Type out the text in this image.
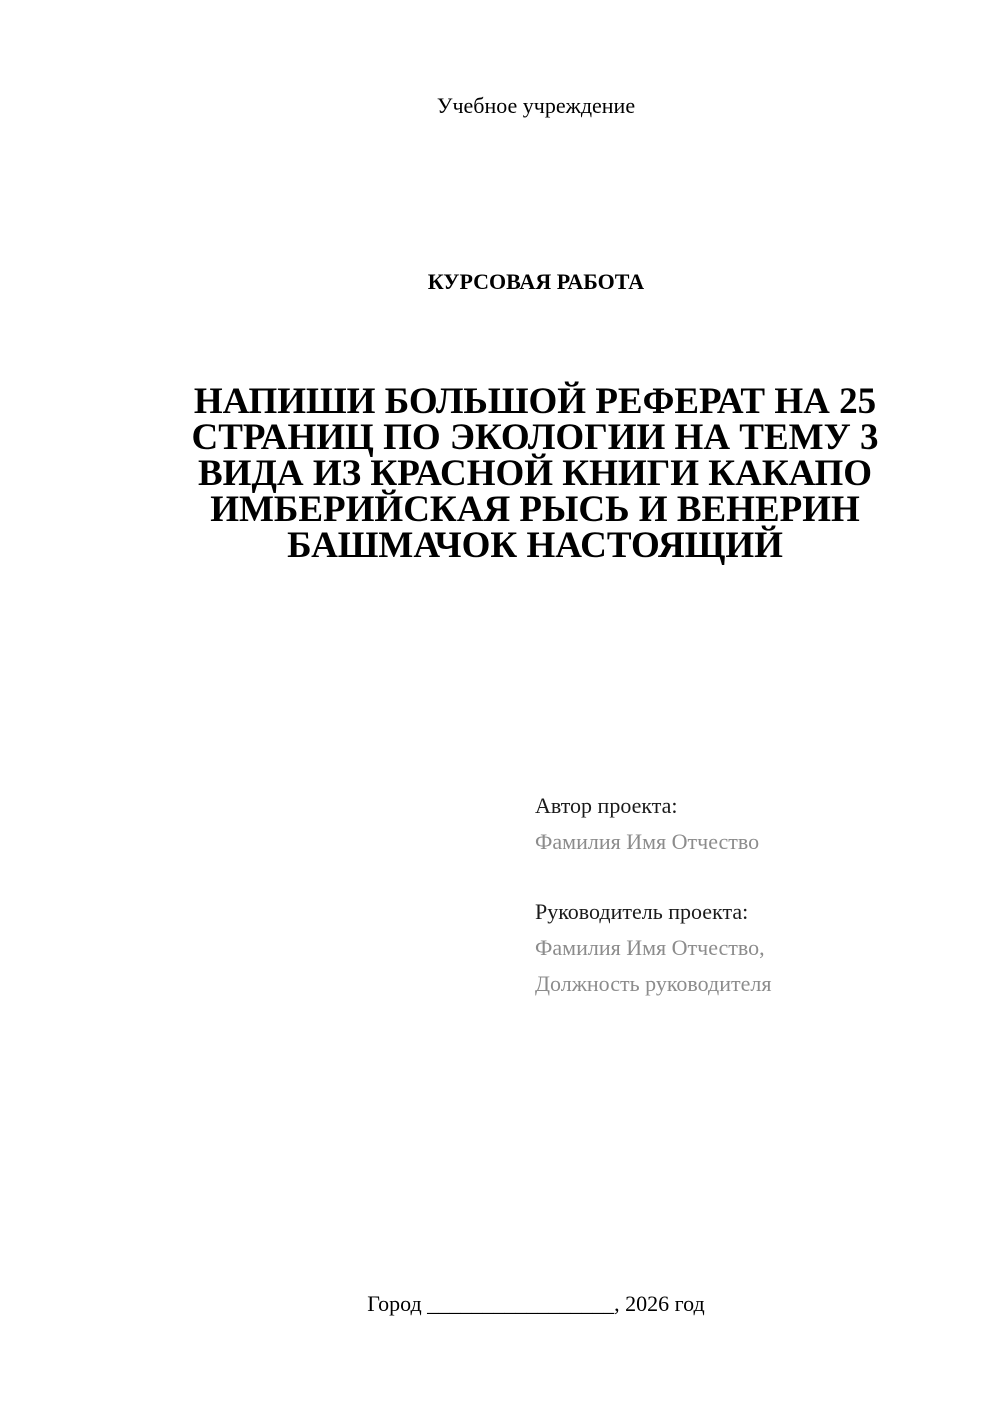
Учебное учреждение
КУРСОВАЯ РАБОТА
НАПИШИ БОЛЬШОЙ РЕФЕРАТ НА 25
СТРАНИЦ ПО ЭКОЛОГИИ НА ТЕМУ 3
ВИДА ИЗ КРАСНОЙ КНИГИ КАКАПО
ИМБЕРИЙСКАЯ РЫСЬ И ВЕНЕРИН
БАШМАЧОК НАСТОЯЩИЙ
Автор проекта:
Фамилия Имя Отчество
Руководитель проекта:
Фамилия Имя Отчество,
Должность руководителя
Город _________________, 2026 год
